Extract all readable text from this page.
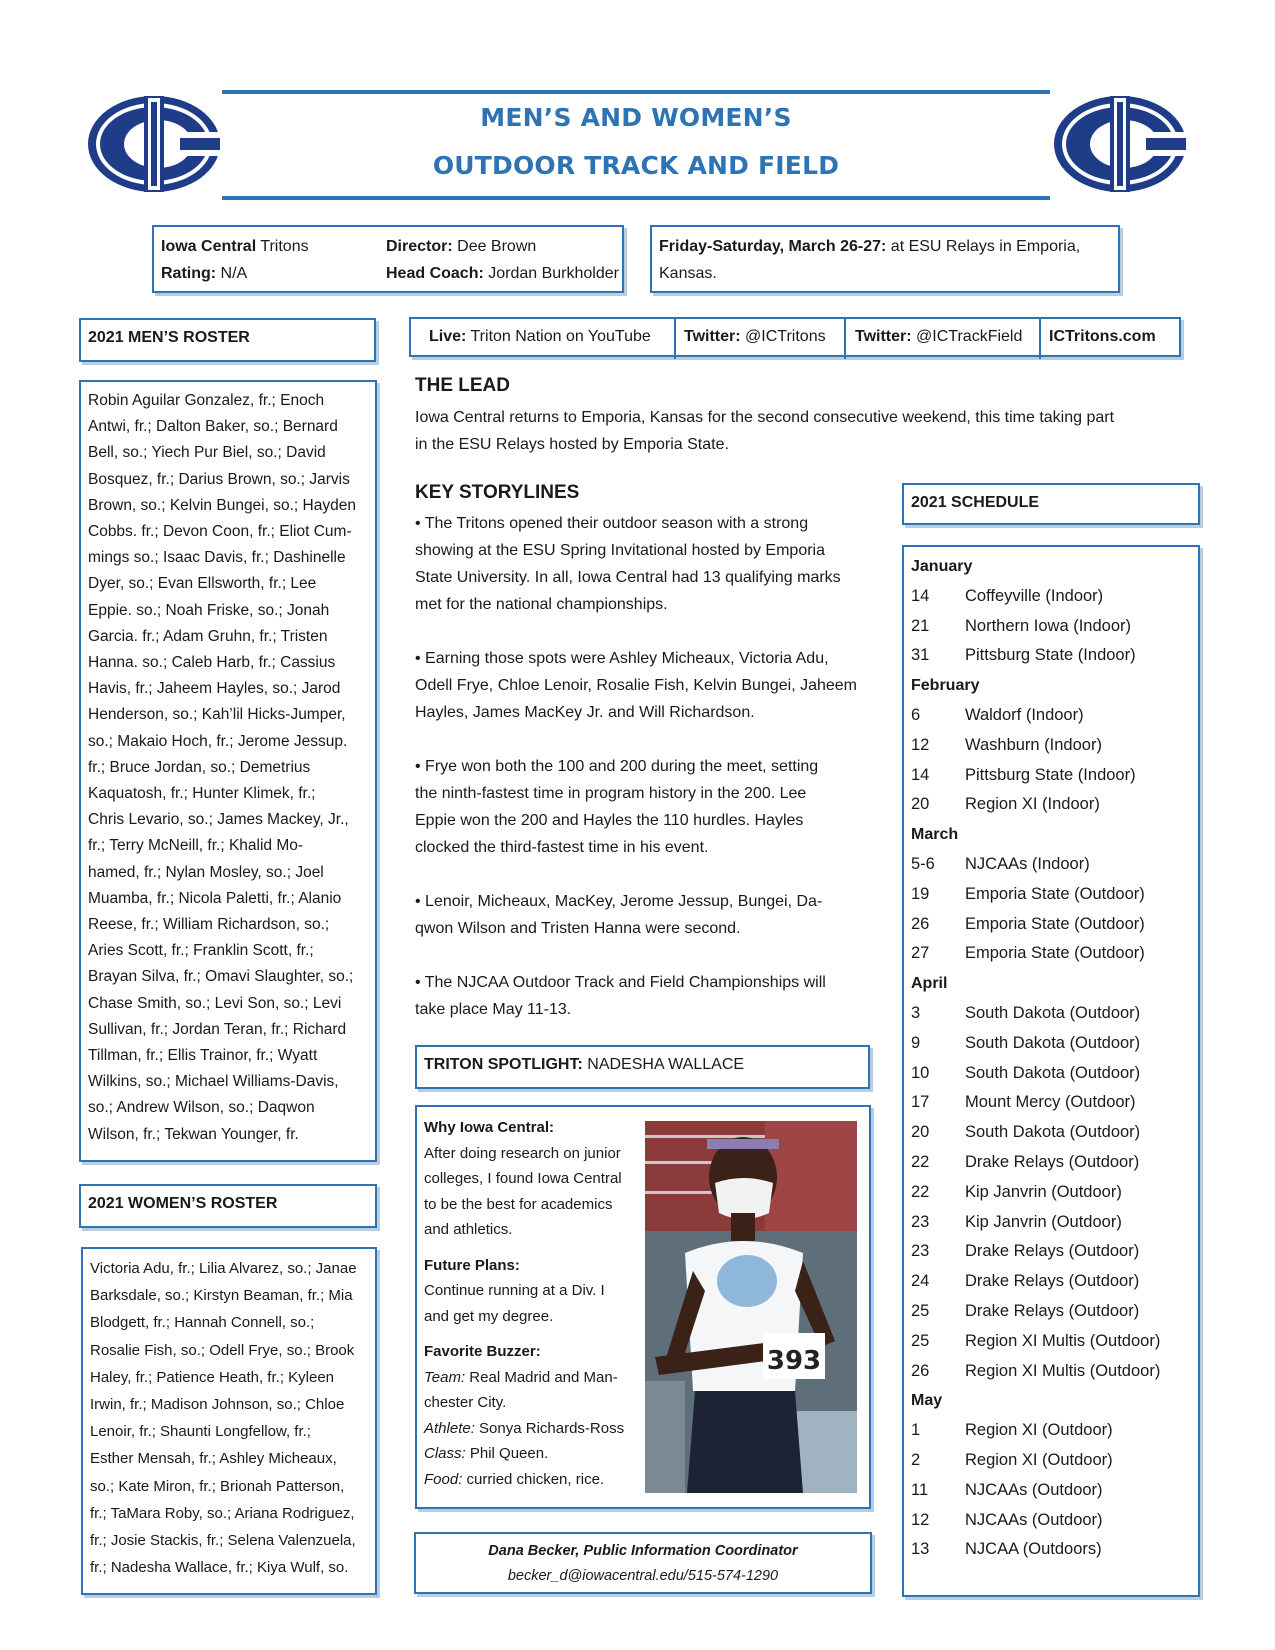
MEN’S AND WOMEN’S
OUTDOOR TRACK AND FIELD
Iowa Central Tritons
Rating: N/A
Director: Dee Brown
Head Coach: Jordan Burkholder
Friday-Saturday, March 26-27: at ESU Relays in Emporia, Kansas.
2021 MEN’S ROSTER
Robin Aguilar Gonzalez, fr.; Enoch
Antwi, fr.; Dalton Baker, so.; Bernard
Bell, so.; Yiech Pur Biel, so.; David
Bosquez, fr.; Darius Brown, so.; Jarvis
Brown, so.; Kelvin Bungei, so.; Hayden
Cobbs. fr.; Devon Coon, fr.; Eliot Cum-
mings so.; Isaac Davis, fr.; Dashinelle
Dyer, so.; Evan Ellsworth, fr.; Lee
Eppie. so.; Noah Friske, so.; Jonah
Garcia. fr.; Adam Gruhn, fr.; Tristen
Hanna. so.; Caleb Harb, fr.; Cassius
Havis, fr.; Jaheem Hayles, so.; Jarod
Henderson, so.; Kah’lil Hicks-Jumper,
so.; Makaio Hoch, fr.; Jerome Jessup.
fr.; Bruce Jordan, so.; Demetrius
Kaquatosh, fr.; Hunter Klimek, fr.;
Chris Levario, so.; James Mackey, Jr.,
fr.; Terry McNeill, fr.; Khalid Mo-
hamed, fr.; Nylan Mosley, so.; Joel
Muamba, fr.; Nicola Paletti, fr.; Alanio
Reese, fr.; William Richardson, so.;
Aries Scott, fr.; Franklin Scott, fr.;
Brayan Silva, fr.; Omavi Slaughter, so.;
Chase Smith, so.; Levi Son, so.; Levi
Sullivan, fr.; Jordan Teran, fr.; Richard
Tillman, fr.; Ellis Trainor, fr.; Wyatt
Wilkins, so.; Michael Williams-Davis,
so.; Andrew Wilson, so.; Daqwon
Wilson, fr.; Tekwan Younger, fr.
2021 WOMEN’S ROSTER
Victoria Adu, fr.; Lilia Alvarez, so.; Janae
Barksdale, so.; Kirstyn Beaman, fr.; Mia
Blodgett, fr.; Hannah Connell, so.;
Rosalie Fish, so.; Odell Frye, so.; Brook
Haley, fr.; Patience Heath, fr.; Kyleen
Irwin, fr.; Madison Johnson, so.; Chloe
Lenoir, fr.; Shaunti Longfellow, fr.;
Esther Mensah, fr.; Ashley Micheaux,
so.; Kate Miron, fr.; Brionah Patterson,
fr.; TaMara Roby, so.; Ariana Rodriguez,
fr.; Josie Stackis, fr.; Selena Valenzuela,
fr.; Nadesha Wallace, fr.; Kiya Wulf, so.
Live: Triton Nation on YouTube Twitter: @ICTritons Twitter: @ICTrackField ICTritons.com
THE LEAD
Iowa Central returns to Emporia, Kansas for the second consecutive weekend, this time taking part
in the ESU Relays hosted by Emporia State.
KEY STORYLINES
• The Tritons opened their outdoor season with a strong
showing at the ESU Spring Invitational hosted by Emporia
State University. In all, Iowa Central had 13 qualifying marks
met for the national championships.
• Earning those spots were Ashley Micheaux, Victoria Adu,
Odell Frye, Chloe Lenoir, Rosalie Fish, Kelvin Bungei, Jaheem
Hayles, James MacKey Jr. and Will Richardson.
• Frye won both the 100 and 200 during the meet, setting
the ninth-fastest time in program history in the 200. Lee
Eppie won the 200 and Hayles the 110 hurdles. Hayles
clocked the third-fastest time in his event.
• Lenoir, Micheaux, MacKey, Jerome Jessup, Bungei, Da-
qwon Wilson and Tristen Hanna were second.
• The NJCAA Outdoor Track and Field Championships will
take place May 11-13.
TRITON SPOTLIGHT: NADESHA WALLACE
Why Iowa Central:
After doing research on junior
colleges, I found Iowa Central
to be the best for academics
and athletics.
Future Plans:
Continue running at a Div. I
and get my degree.
Favorite Buzzer:
Team: Real Madrid and Man-
chester City.
Athlete: Sonya Richards-Ross
Class: Phil Queen.
Food: curried chicken, rice.
393
Dana Becker, Public Information Coordinator
becker_d@iowacentral.edu/515-574-1290
2021 SCHEDULE
January
14 Coffeyville (Indoor)
21 Northern Iowa (Indoor)
31 Pittsburg State (Indoor)
February
6	Waldorf (Indoor)
12 Washburn (Indoor)
14 Pittsburg State (Indoor)
20 Region XI (Indoor)
March
5-6 NJCAAs (Indoor)
19 Emporia State (Outdoor)
26 Emporia State (Outdoor)
27 Emporia State (Outdoor)
April
3	South Dakota (Outdoor)
9	South Dakota (Outdoor)
10 South Dakota (Outdoor)
17 Mount Mercy (Outdoor)
20 South Dakota (Outdoor)
22 Drake Relays (Outdoor)
22 Kip Janvrin (Outdoor)
23 Kip Janvrin (Outdoor)
23 Drake Relays (Outdoor)
24 Drake Relays (Outdoor)
25 Drake Relays (Outdoor)
25 Region XI Multis (Outdoor)
26 Region XI Multis (Outdoor)
May
1	Region XI (Outdoor)
2	Region XI (Outdoor)
11 NJCAAs (Outdoor)
12 NJCAAs (Outdoor)
13 NJCAA (Outdoors)
